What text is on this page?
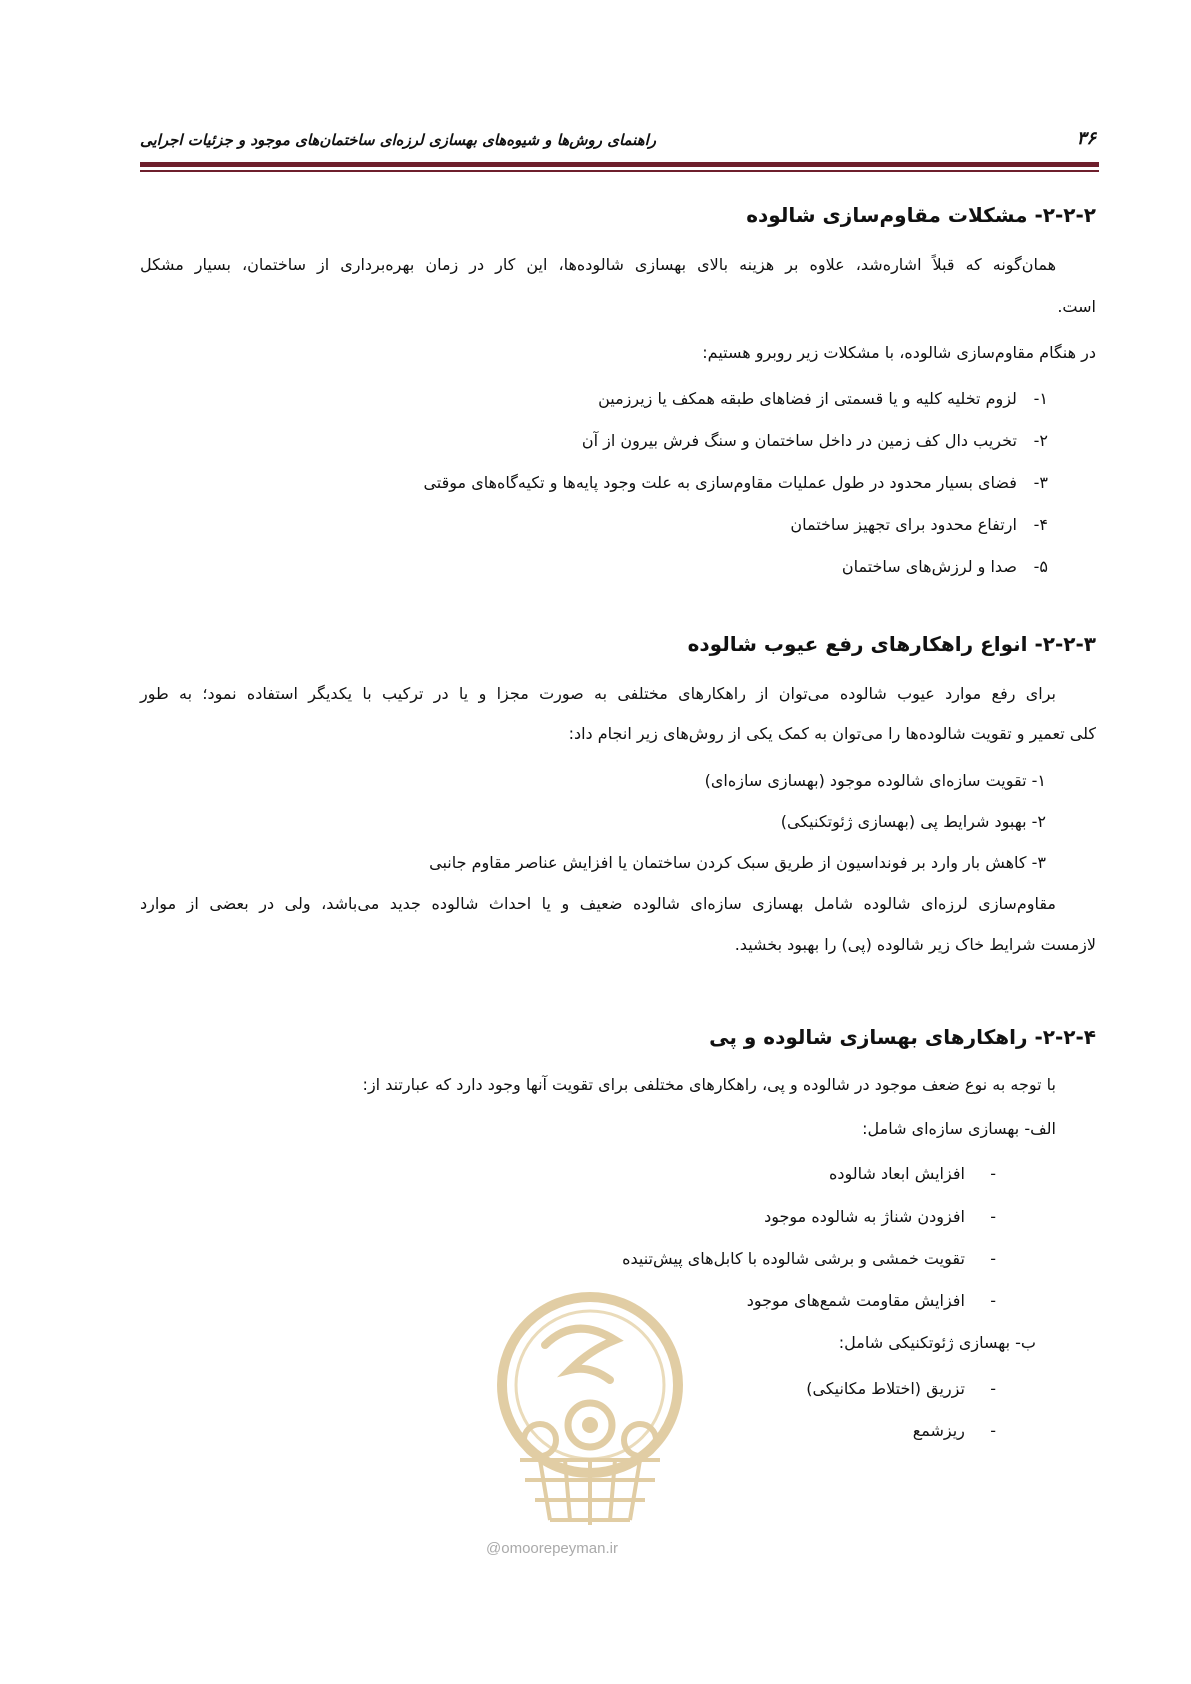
۳۶
راهنمای روش‌ها و شیوه‌های بهسازی لرزه‌ای ساختمان‌های موجود و جزئیات اجرایی
۲-۲-۲- مشکلات مقاوم‌سازی شالوده
همان‌گونه که قبلاً اشاره‌شد، علاوه بر هزینه بالای بهسازی شالوده‌ها، این کار در زمان بهره‌برداری از ساختمان، بسیار مشکل
است.
در هنگام مقاوم‌سازی شالوده، با مشکلات زیر روبرو هستیم:
۱- لزوم تخلیه کلیه و یا قسمتی از فضاهای طبقه همکف یا زیرزمین
۲- تخریب دال کف زمین در داخل ساختمان و سنگ فرش بیرون از آن
۳- فضای بسیار محدود در طول عملیات مقاوم‌سازی به علت وجود پایه‌ها و تکیه‌گاه‌های موقتی
۴- ارتفاع محدود برای تجهیز ساختمان
۵- صدا و لرزش‌های ساختمان
۲-۲-۳- انواع راهکارهای رفع عیوب شالوده
برای رفع موارد عیوب شالوده می‌توان از راهکارهای مختلفی به صورت مجزا و یا در ترکیب با یکدیگر استفاده نمود؛ به طور
کلی تعمیر و تقویت شالوده‌ها را می‌توان به کمک یکی از روش‌های زیر انجام داد:
۱- تقویت سازه‌ای شالوده موجود (بهسازی سازه‌ای)
۲- بهبود شرایط پی (بهسازی ژئوتکنیکی)
۳- کاهش بار وارد بر فونداسیون از طریق سبک کردن ساختمان یا افزایش عناصر مقاوم جانبی
مقاوم‌سازی لرزه‌ای شالوده شامل بهسازی سازه‌ای شالوده ضعیف و یا احداث شالوده جدید می‌باشد، ولی در بعضی از موارد
لازمست شرایط خاک زیر شالوده (پی) را بهبود بخشید.
۲-۲-۴- راهکارهای بهسازی شالوده و پی
با توجه به نوع ضعف موجود در شالوده و پی، راهکارهای مختلفی برای تقویت آنها وجود دارد که عبارتند از:
الف- بهسازی سازه‌ای شامل:
- افزایش ابعاد شالوده
- افزودن شناژ به شالوده موجود
- تقویت خمشی و برشی شالوده با کابل‌های پیش‌تنیده
- افزایش مقاومت شمع‌های موجود
ب- بهسازی ژئوتکنیکی شامل:
- تزریق (اختلاط مکانیکی)
- ریزشمع
@omoorepeyman.ir
